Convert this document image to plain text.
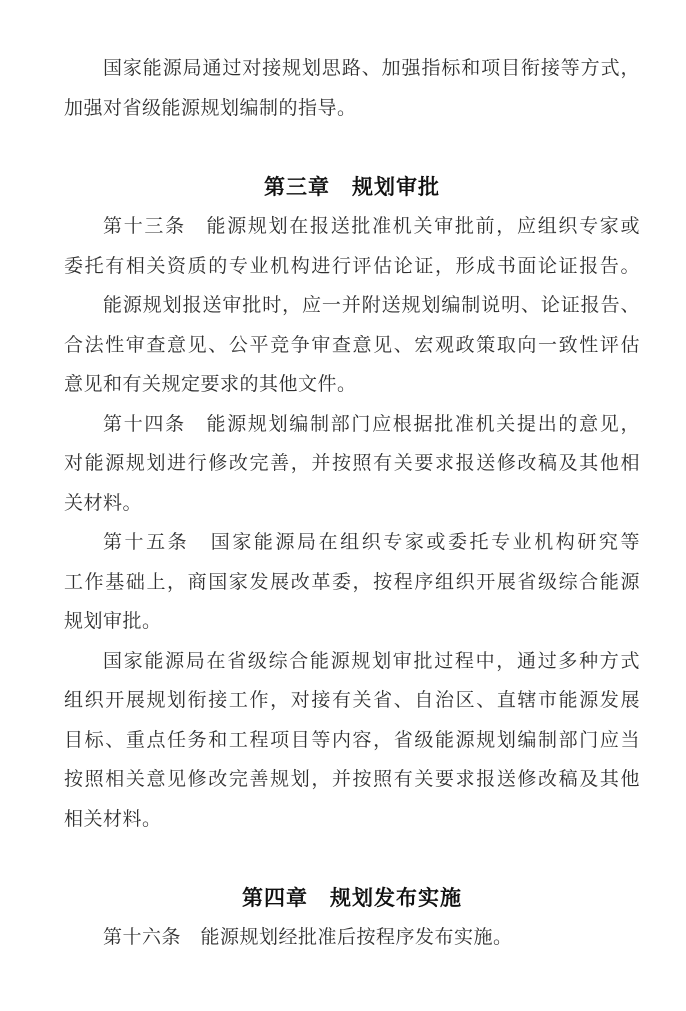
国家能源局通过对接规划思路、加强指标和项目衔接等方式，
加强对省级能源规划编制的指导。
第三章　规划审批
第十三条　能源规划在报送批准机关审批前，应组织专家或
委托有相关资质的专业机构进行评估论证，形成书面论证报告。
能源规划报送审批时，应一并附送规划编制说明、论证报告、
合法性审查意见、公平竞争审查意见、宏观政策取向一致性评估
意见和有关规定要求的其他文件。
第十四条　能源规划编制部门应根据批准机关提出的意见，
对能源规划进行修改完善，并按照有关要求报送修改稿及其他相
关材料。
第十五条　国家能源局在组织专家或委托专业机构研究等
工作基础上，商国家发展改革委，按程序组织开展省级综合能源
规划审批。
国家能源局在省级综合能源规划审批过程中，通过多种方式
组织开展规划衔接工作，对接有关省、自治区、直辖市能源发展
目标、重点任务和工程项目等内容，省级能源规划编制部门应当
按照相关意见修改完善规划，并按照有关要求报送修改稿及其他
相关材料。
第四章　规划发布实施
第十六条　能源规划经批准后按程序发布实施。
